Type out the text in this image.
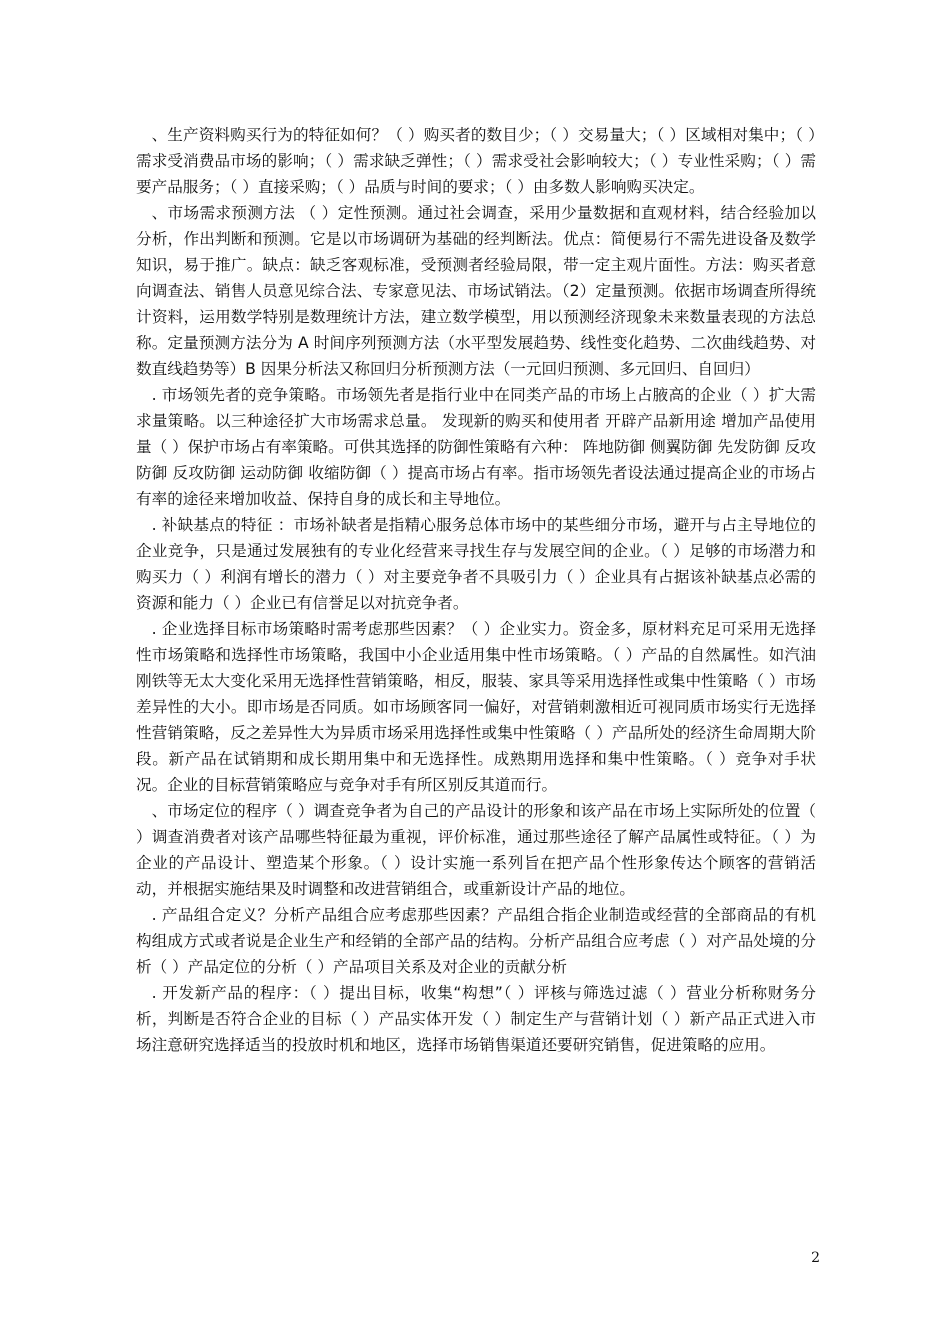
、生产资料购买行为的特征如何？（ ）购买者的数目少；（ ）交易量大；（ ）区域相对集中；（ ）需求受消费品市场的影响；（ ）需求缺乏弹性；（ ）需求受社会影响较大；（ ）专业性采购；（ ）需要产品服务；（ ）直接采购；（ ）品质与时间的要求；（ ）由多数人影响购买决定。

、市场需求预测方法 （ ）定性预测。通过社会调查，采用少量数据和直观材料，结合经验加以分析，作出判断和预测。它是以市场调研为基础的经判断法。优点：简便易行不需先进设备及数学知识，易于推广。缺点：缺乏客观标准，受预测者经验局限，带一定主观片面性。方法：购买者意向调查法、销售人员意见综合法、专家意见法、市场试销法。（2）定量预测。依据市场调查所得统计资料，运用数学特别是数理统计方法，建立数学模型，用以预测经济现象未来数量表现的方法总称。定量预测方法分为 A 时间序列预测方法（水平型发展趋势、线性变化趋势、二次曲线趋势、对数直线趋势等）B 因果分析法又称回归分析预测方法（一元回归预测、多元回归、自回归）

. 市场领先者的竞争策略。市场领先者是指行业中在同类产品的市场上占腋高的企业（ ）扩大需求量策略。以三种途径扩大市场需求总量。 发现新的购买和使用者 开辟产品新用途 增加产品使用量（ ）保护市场占有率策略。可供其选择的防御性策略有六种： 阵地防御 侧翼防御 先发防御 反攻防御 反攻防御 运动防御 收缩防御（ ）提高市场占有率。指市场领先者设法通过提高企业的市场占有率的途径来增加收益、保持自身的成长和主导地位。

. 补缺基点的特征 ：市场补缺者是指精心服务总体市场中的某些细分市场，避开与占主导地位的企业竞争，只是通过发展独有的专业化经营来寻找生存与发展空间的企业。（ ）足够的市场潜力和购买力（ ）利润有增长的潜力（ ）对主要竞争者不具吸引力（ ）企业具有占据该补缺基点必需的资源和能力（ ）企业已有信誉足以对抗竞争者。

. 企业选择目标市场策略时需考虑那些因素？（ ）企业实力。资金多，原材料充足可采用无选择性市场策略和选择性市场策略，我国中小企业适用集中性市场策略。（ ）产品的自然属性。如汽油刚铁等无太大变化采用无选择性营销策略，相反，服装、家具等采用选择性或集中性策略（ ）市场差异性的大小。即市场是否同质。如市场顾客同一偏好，对营销刺激相近可视同质市场实行无选择性营销策略，反之差异性大为异质市场采用选择性或集中性策略（ ）产品所处的经济生命周期大阶段。新产品在试销期和成长期用集中和无选择性。成熟期用选择和集中性策略。（ ）竞争对手状况。企业的目标营销策略应与竞争对手有所区别反其道而行。

、市场定位的程序（ ）调查竞争者为自己的产品设计的形象和该产品在市场上实际所处的位置（ ）调查消费者对该产品哪些特征最为重视，评价标准，通过那些途径了解产品属性或特征。（ ）为企业的产品设计、塑造某个形象。（ ）设计实施一系列旨在把产品个性形象传达个顾客的营销活动，并根据实施结果及时调整和改进营销组合，或重新设计产品的地位。

. 产品组合定义？分析产品组合应考虑那些因素？产品组合指企业制造或经营的全部商品的有机构组成方式或者说是企业生产和经销的全部产品的结构。分析产品组合应考虑（ ）对产品处境的分析（ ）产品定位的分析（ ）产品项目关系及对企业的贡献分析

. 开发新产品的程序：（ ）提出目标，收集“构想”（ ）评核与筛选过滤（ ）营业分析称财务分析，判断是否符合企业的目标（ ）产品实体开发（ ）制定生产与营销计划（ ）新产品正式进入市场注意研究选择适当的投放时机和地区，选择市场销售渠道还要研究销售，促进策略的应用。

2
